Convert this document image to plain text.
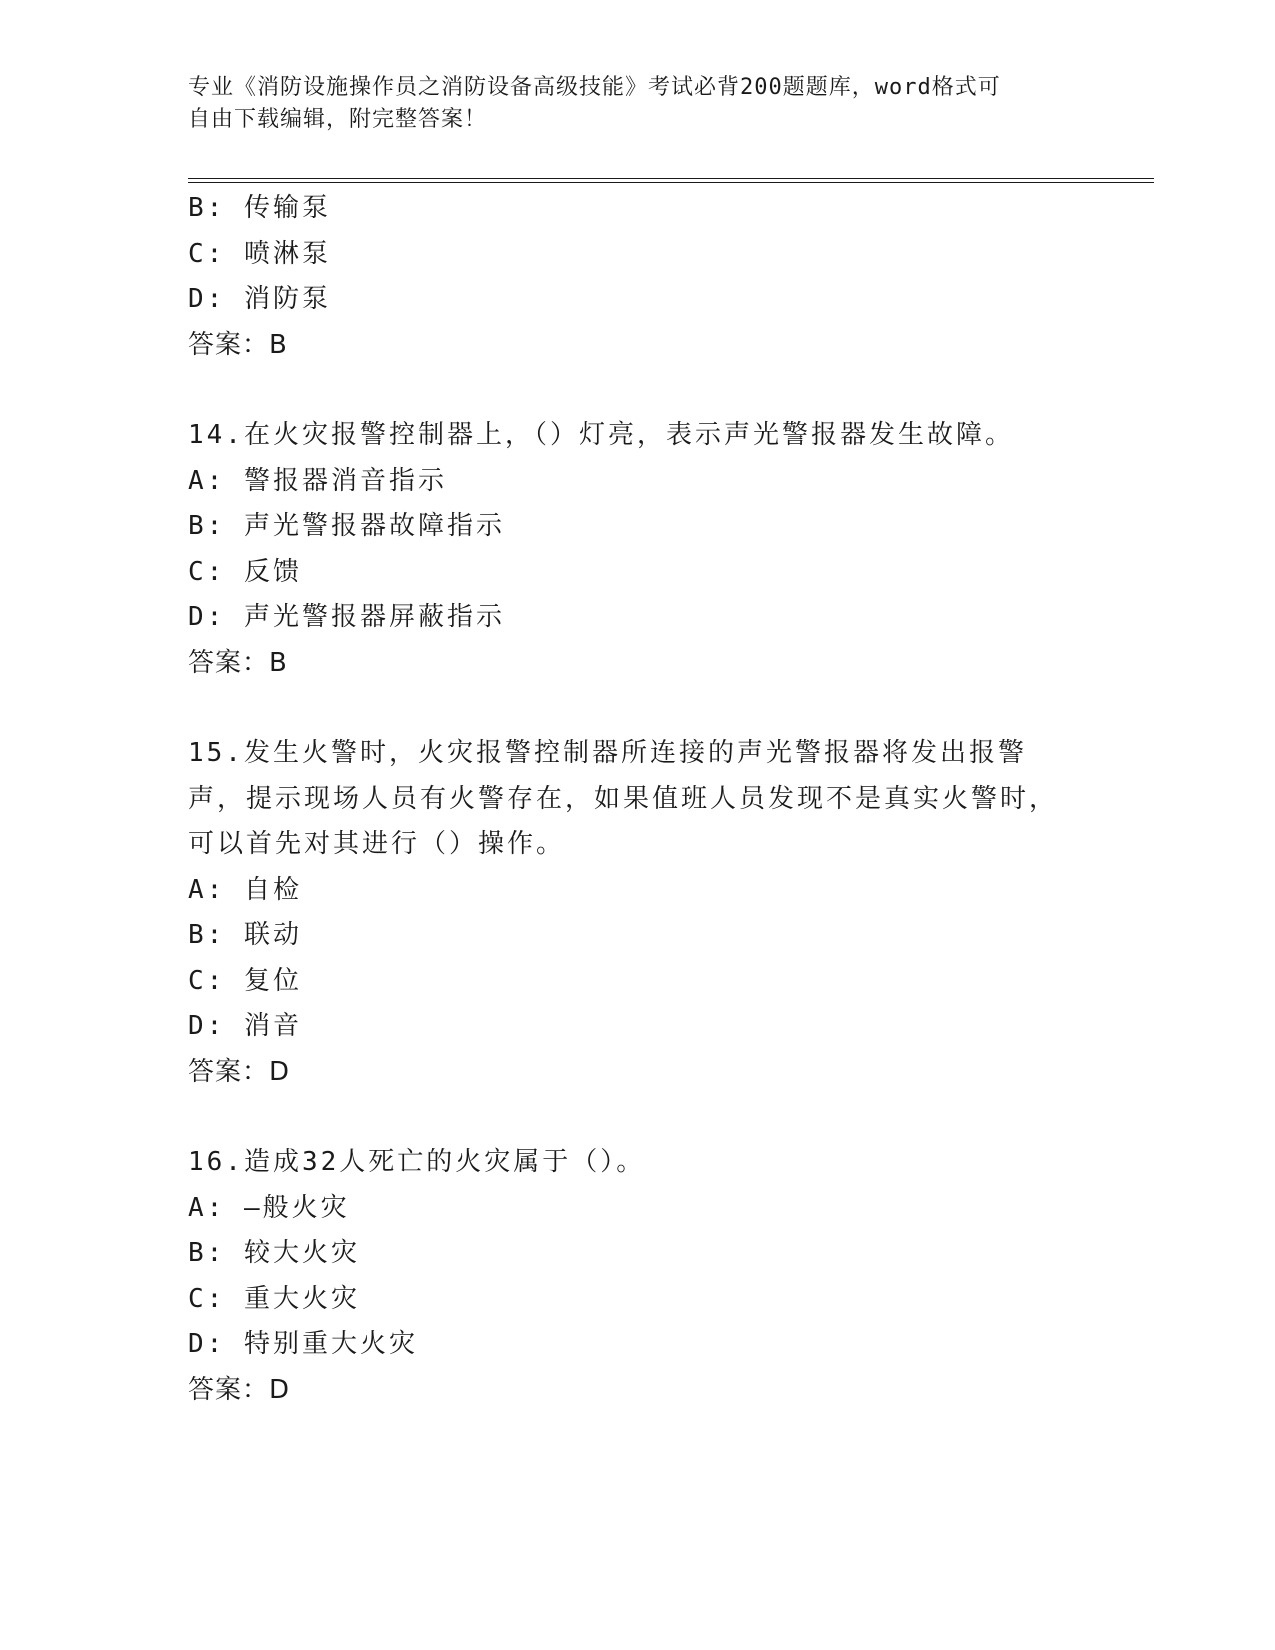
专业《消防设施操作员之消防设备高级技能》考试必背200题题库，word格式可
自由下载编辑，附完整答案！
B: 传输泵
C: 喷淋泵
D: 消防泵
答案：B
14.在火灾报警控制器上，（）灯亮，表示声光警报器发生故障。
A: 警报器消音指示
B: 声光警报器故障指示
C: 反馈
D: 声光警报器屏蔽指示
答案：B
15.发生火警时，火灾报警控制器所连接的声光警报器将发出报警声，提示现场人员有火警存在，如果值班人员发现不是真实火警时，可以首先对其进行（）操作。
A: 自检
B: 联动
C: 复位
D: 消音
答案：D
16.造成32人死亡的火灾属于（）。
A: —般火灾
B: 较大火灾
C: 重大火灾
D: 特别重大火灾
答案：D
